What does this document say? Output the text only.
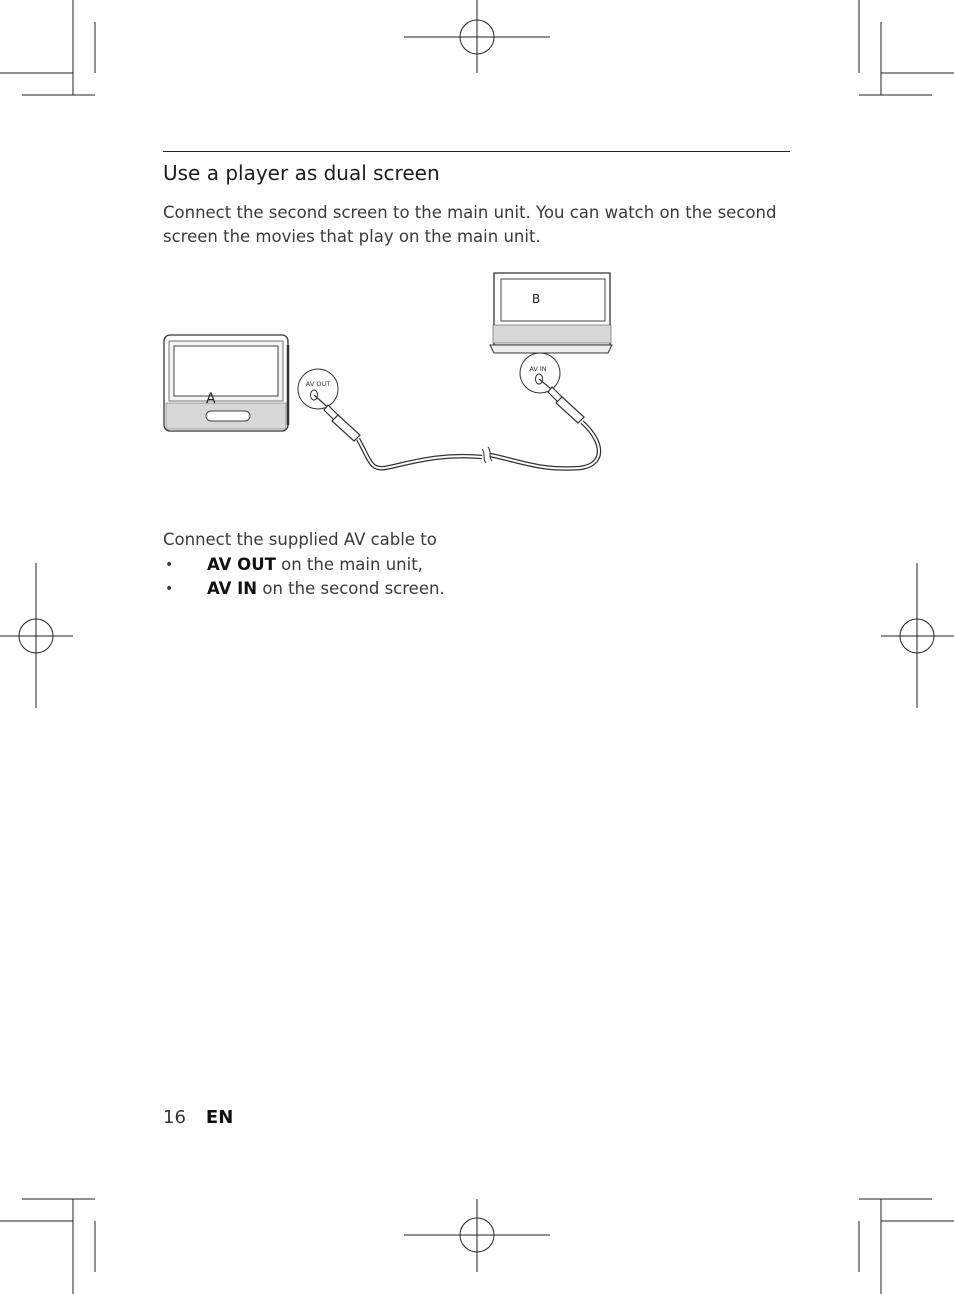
Use a player as dual screen

Connect the second screen to the main unit. You can watch on the second screen the movies that play on the main unit.

A
B
AV OUT
AV IN

Connect the supplied AV cable to

• AV OUT on the main unit,
• AV IN on the second screen.
16 EN
